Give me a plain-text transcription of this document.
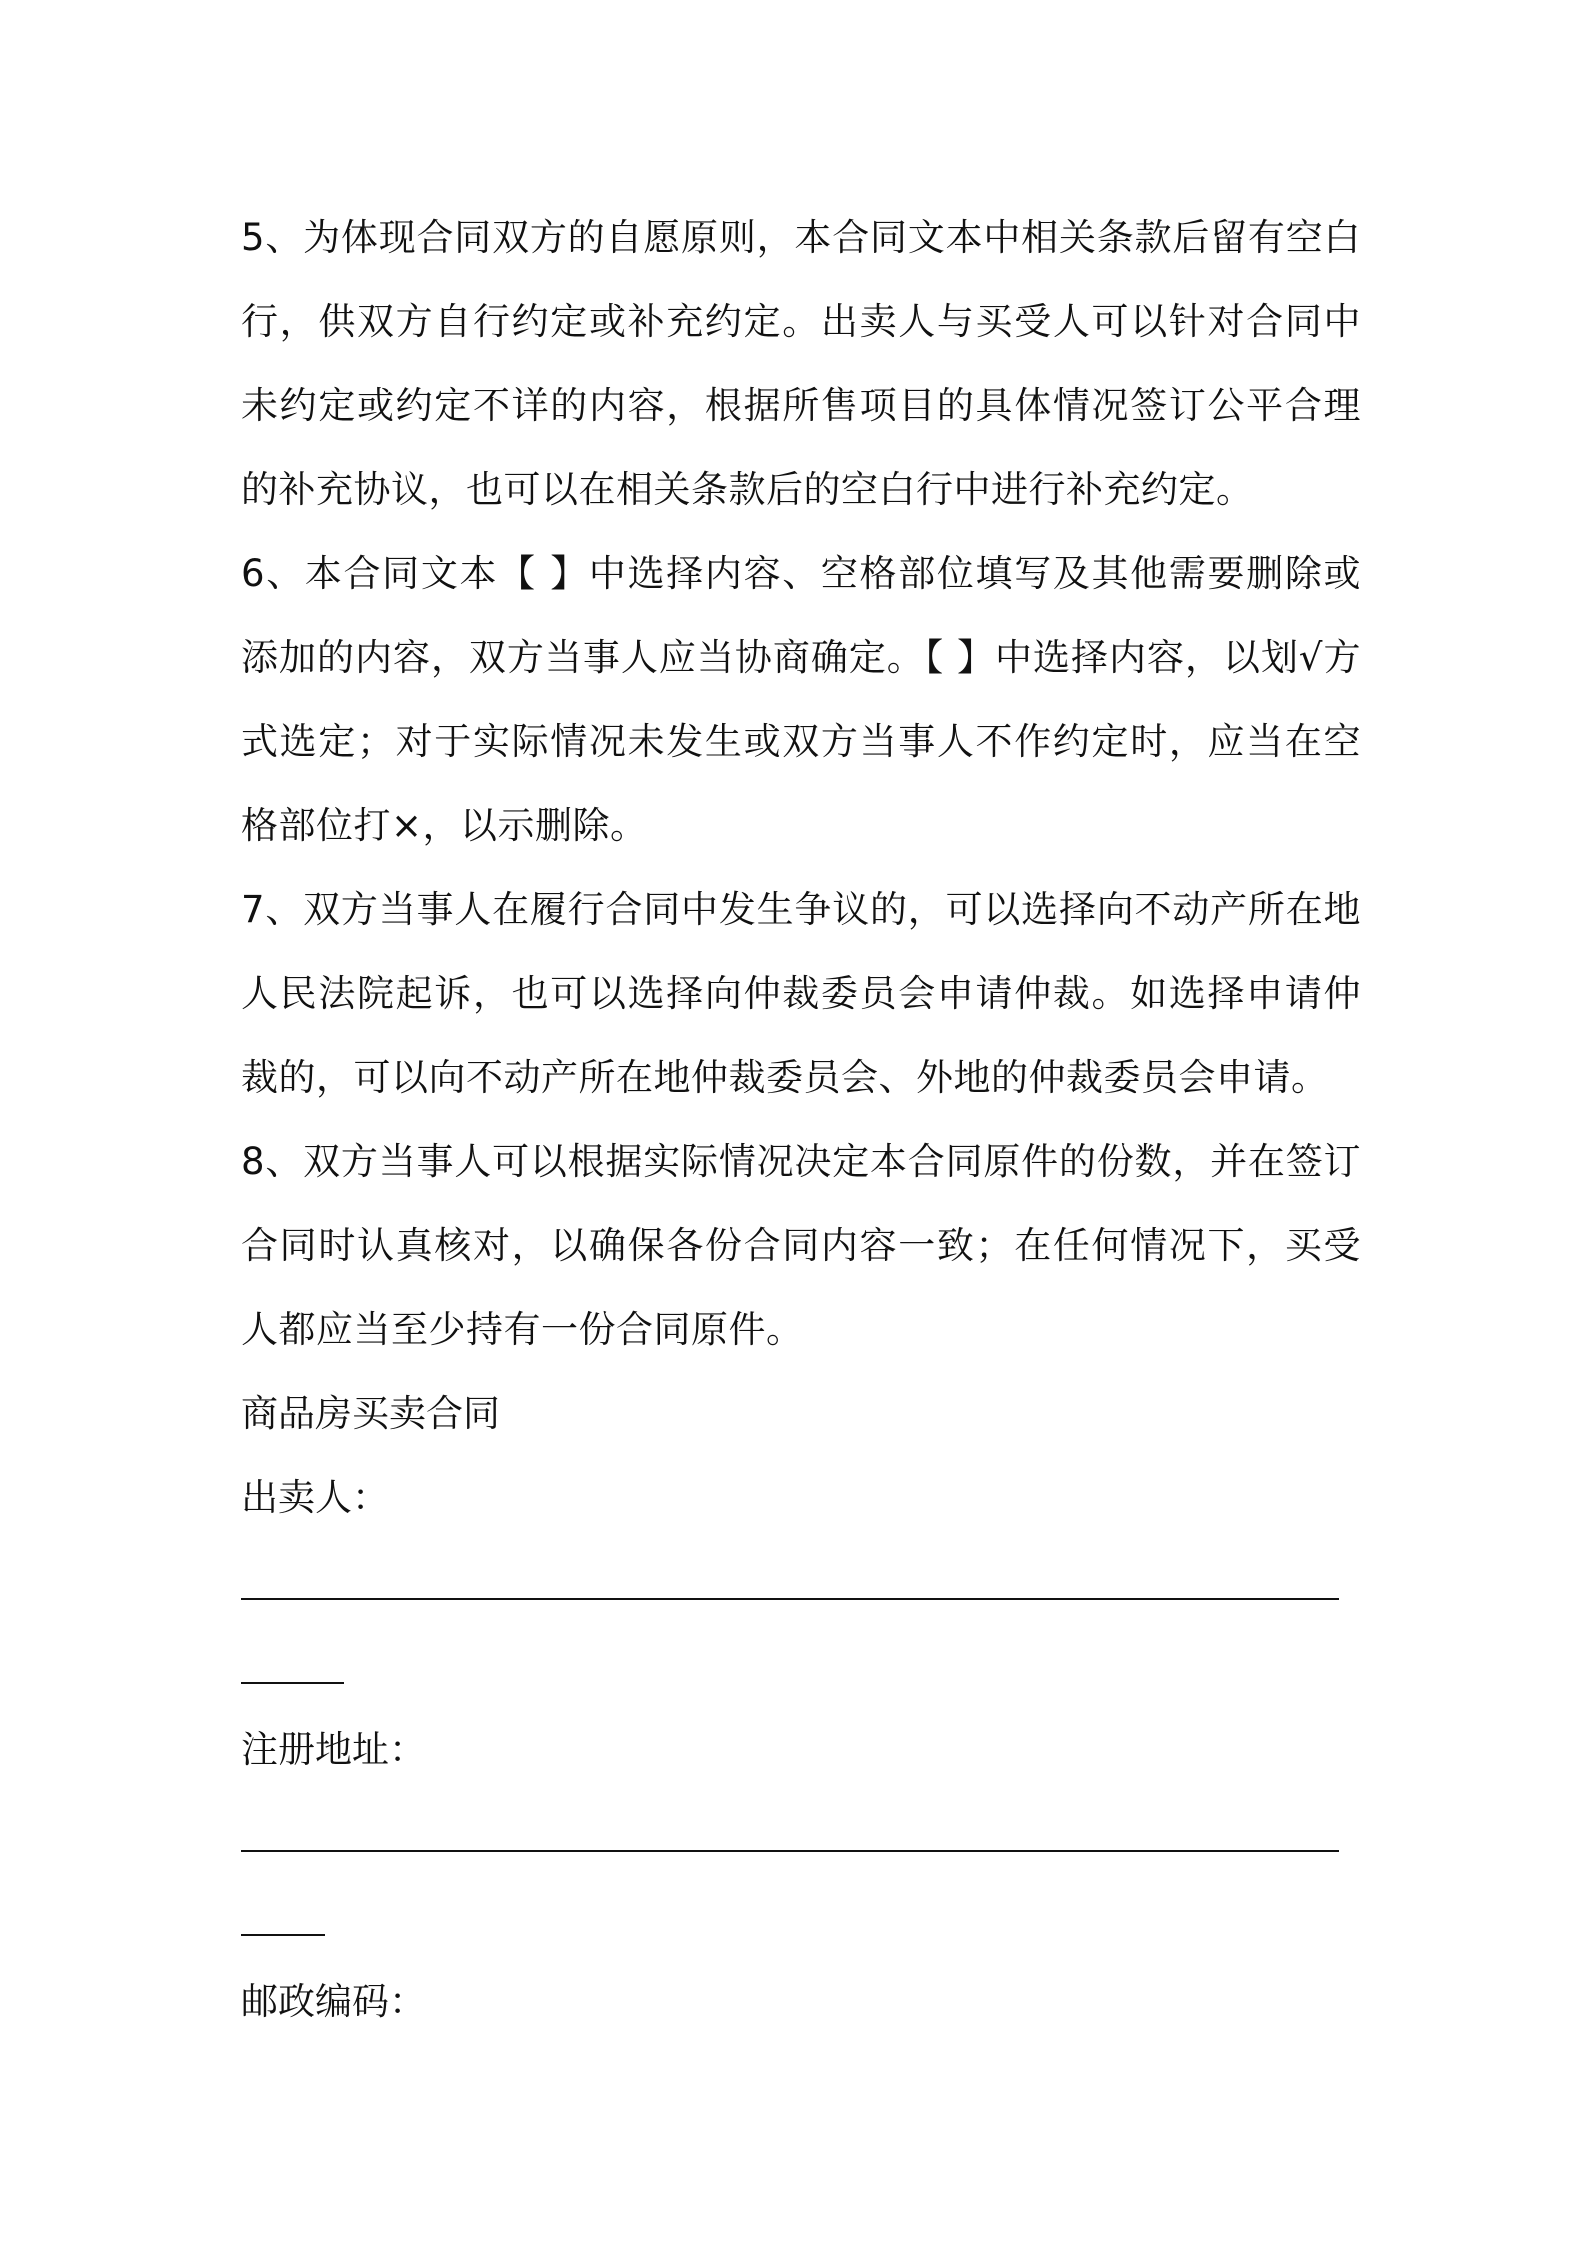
5、为体现合同双方的自愿原则，本合同文本中相关条款后留有空白行，供双方自行约定或补充约定。出卖人与买受人可以针对合同中未约定或约定不详的内容，根据所售项目的具体情况签订公平合理的补充协议，也可以在相关条款后的空白行中进行补充约定。

6、本合同文本【 】中选择内容、空格部位填写及其他需要删除或添加的内容，双方当事人应当协商确定。【 】中选择内容，以划√方式选定；对于实际情况未发生或双方当事人不作约定时，应当在空格部位打×，以示删除。

7、双方当事人在履行合同中发生争议的，可以选择向不动产所在地人民法院起诉，也可以选择向仲裁委员会申请仲裁。如选择申请仲裁的，可以向不动产所在地仲裁委员会、外地的仲裁委员会申请。

8、双方当事人可以根据实际情况决定本合同原件的份数，并在签订合同时认真核对，以确保各份合同内容一致；在任何情况下，买受人都应当至少持有一份合同原件。

商品房买卖合同

出卖人：

注册地址：

邮政编码：
